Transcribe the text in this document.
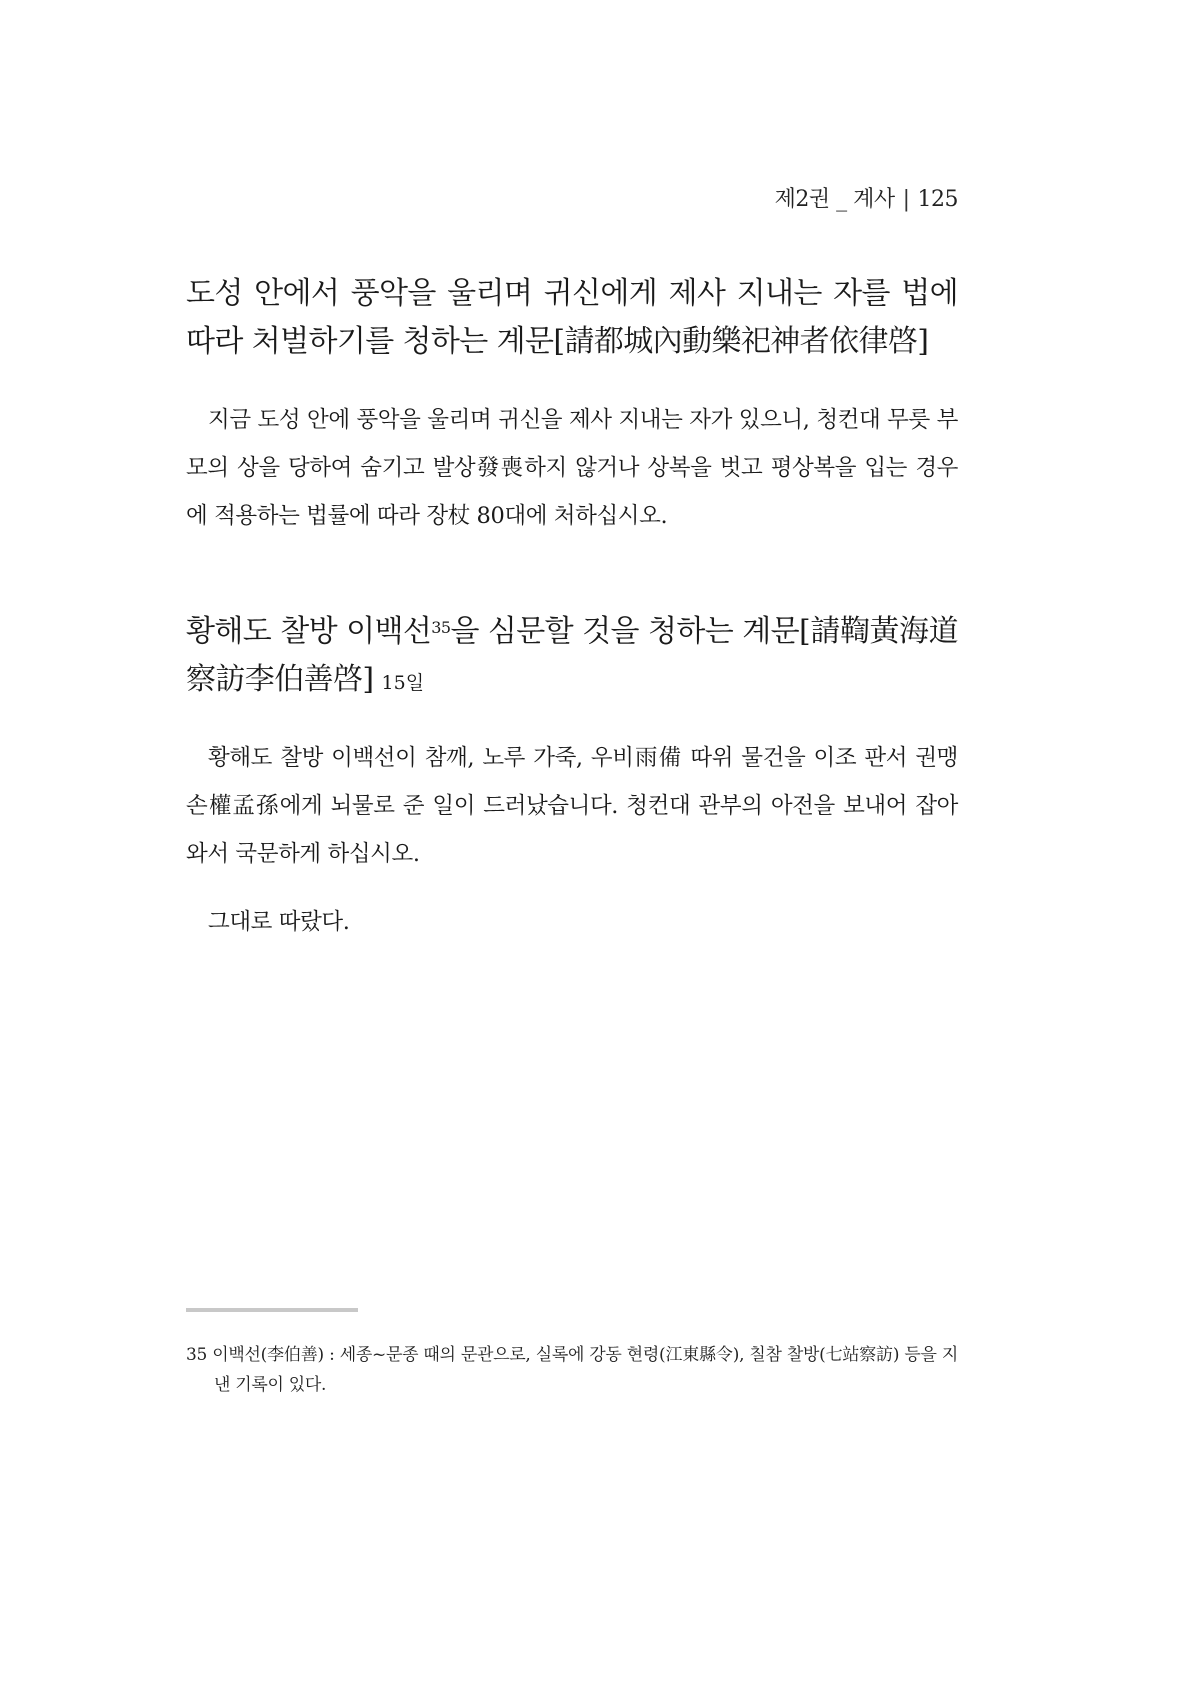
제2권 _ 계사 | 125
도성 안에서 풍악을 울리며 귀신에게 제사 지내는 자를 법에 따라 처벌하기를 청하는 계문[請都城內動樂祀神者依律啓]

지금 도성 안에 풍악을 울리며 귀신을 제사 지내는 자가 있으니, 청컨대 무릇 부모의 상을 당하여 숨기고 발상發喪하지 않거나 상복을 벗고 평상복을 입는 경우에 적용하는 법률에 따라 장杖 80대에 처하십시오.

황해도 찰방 이백선$^{35}$을 심문할 것을 청하는 계문[請鞫黃海道察訪李伯善啓] 15일

황해도 찰방 이백선이 참깨, 노루 가죽, 우비雨備 따위 물건을 이조 판서 권맹손權孟孫에게 뇌물로 준 일이 드러났습니다. 청컨대 관부의 아전을 보내어 잡아 와서 국문하게 하십시오.

그대로 따랐다.

35 이백선(李伯善) : 세종~문종 때의 문관으로, 실록에 강동 현령(江東縣令), 칠참 찰방(七站察訪) 등을 지낸 기록이 있다.
